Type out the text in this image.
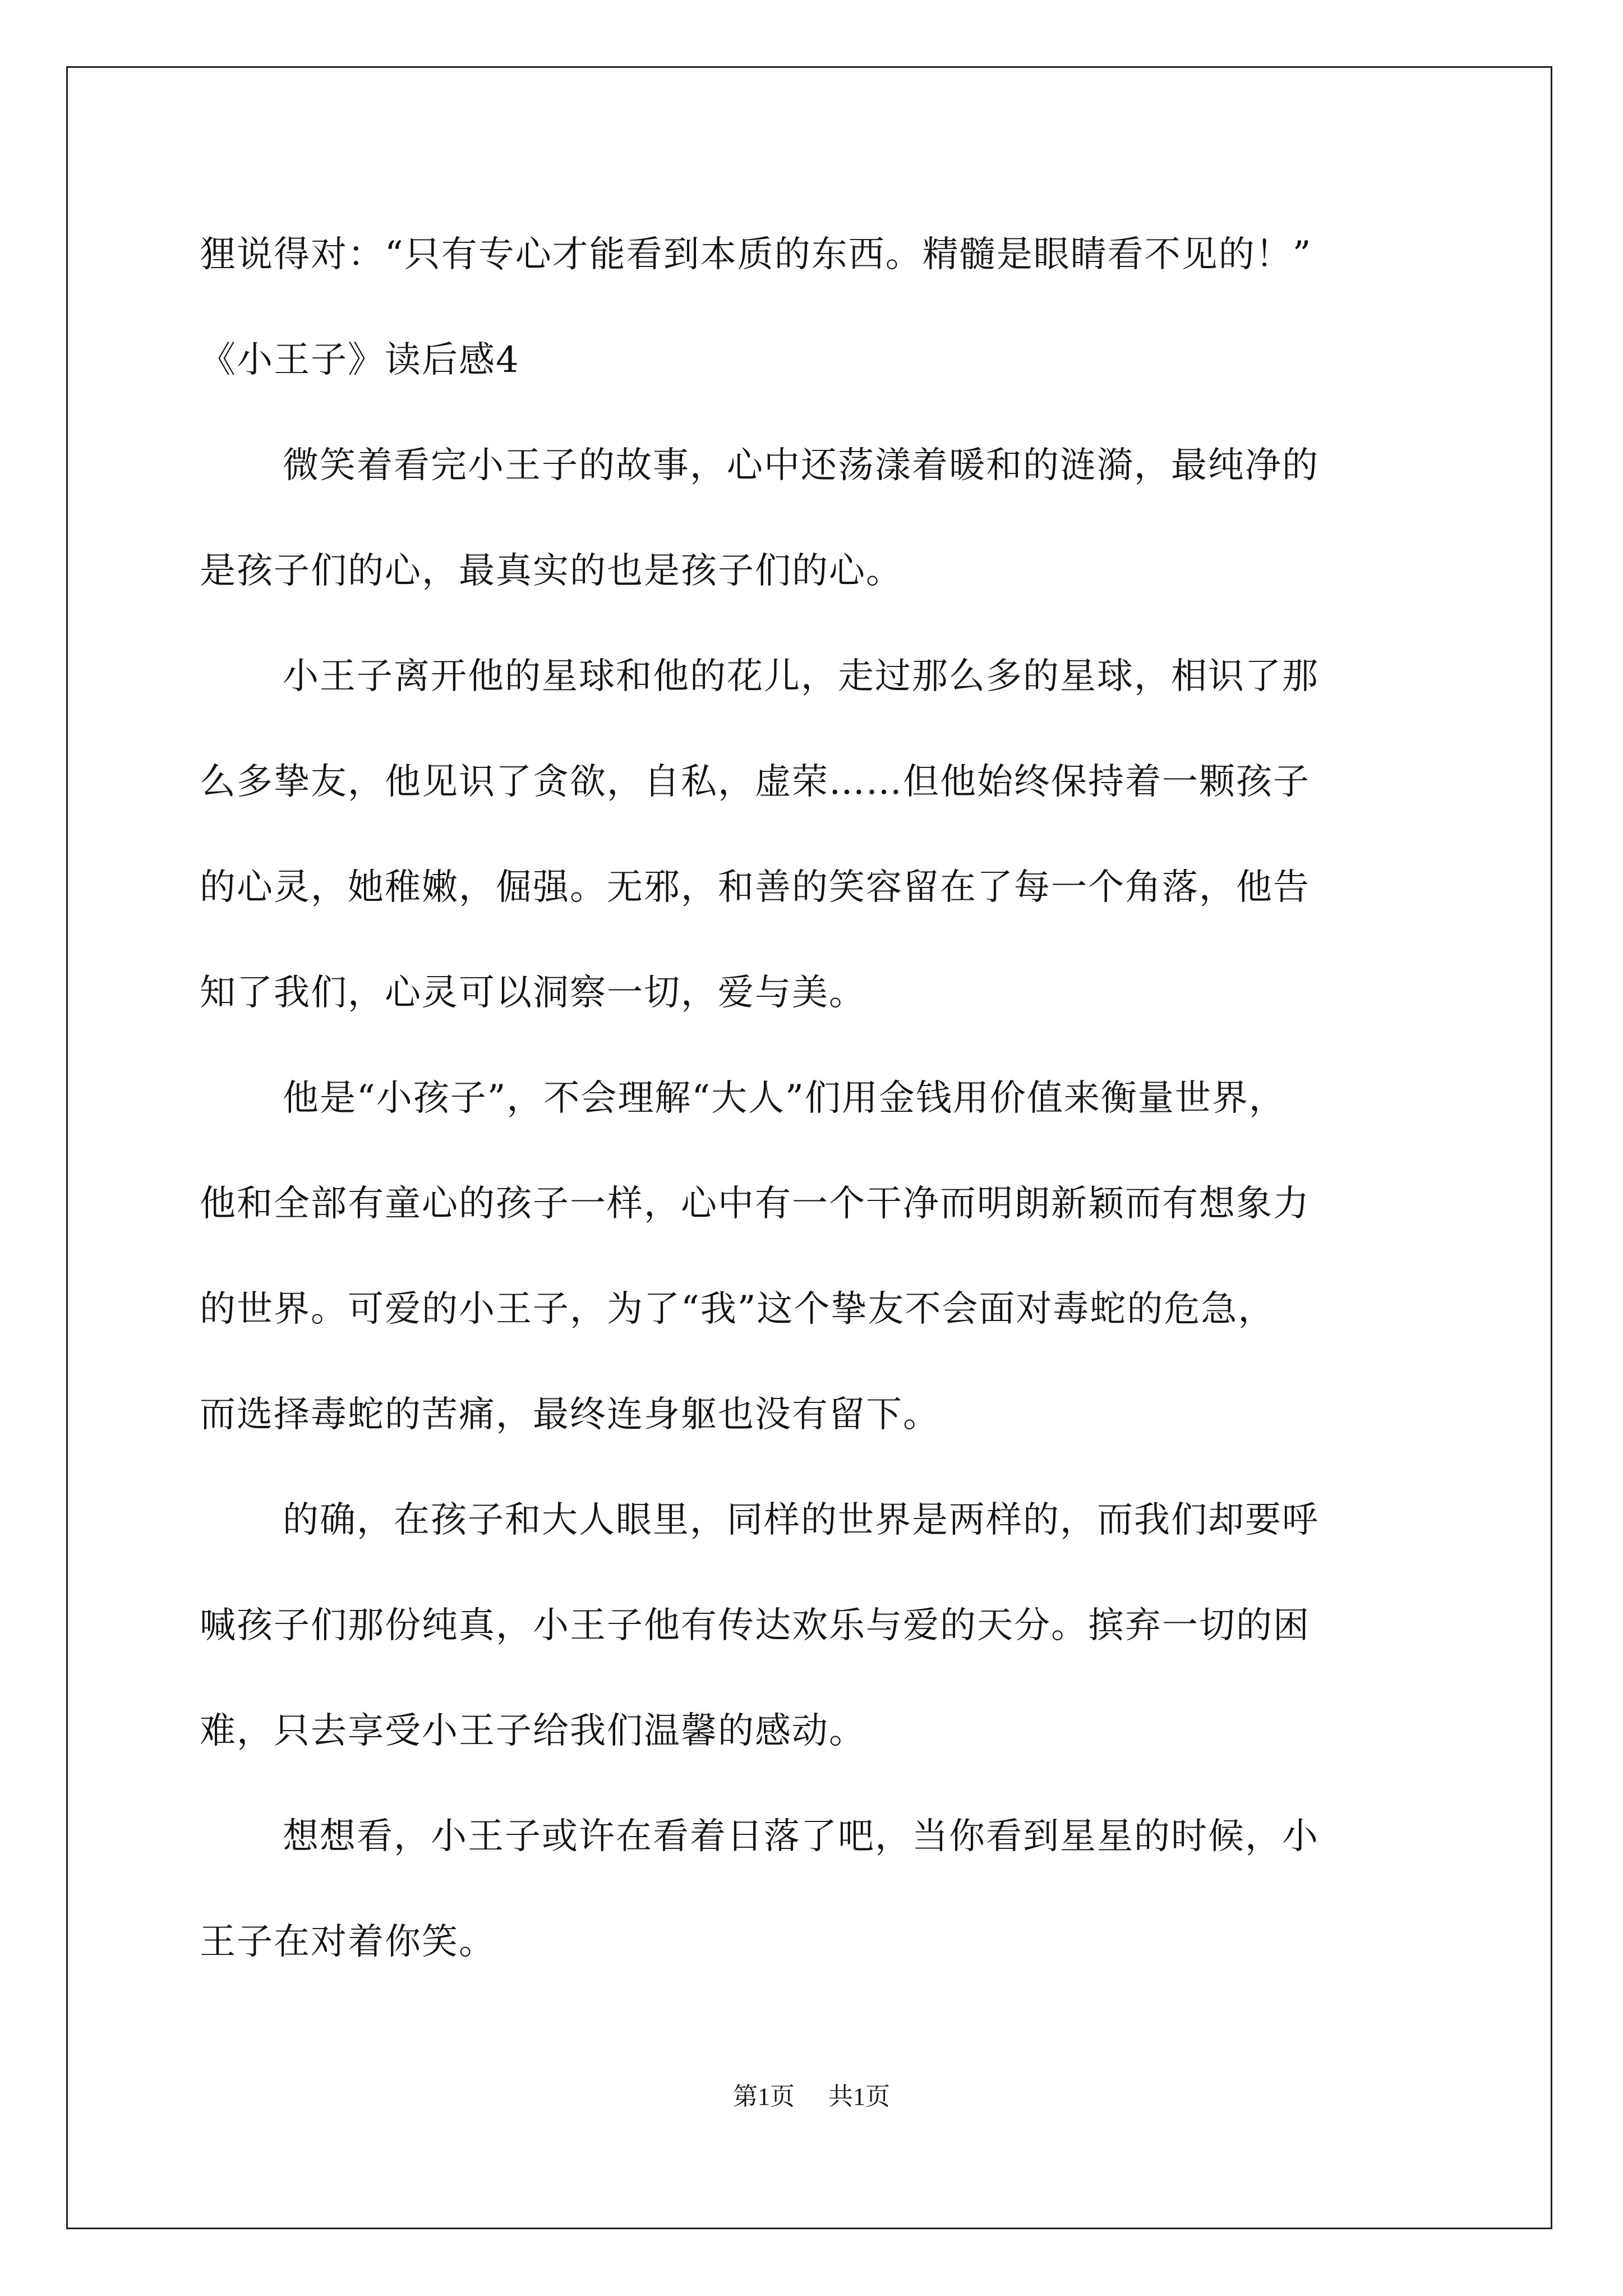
狸说得对：“只有专心才能看到本质的东西。精髓是眼睛看不见的！”
《小王子》读后感4
微笑着看完小王子的故事，心中还荡漾着暖和的涟漪，最纯净的
是孩子们的心，最真实的也是孩子们的心。
小王子离开他的星球和他的花儿，走过那么多的星球，相识了那
么多挚友，他见识了贪欲，自私，虚荣……但他始终保持着一颗孩子
的心灵，她稚嫩，倔强。无邪，和善的笑容留在了每一个角落，他告
知了我们，心灵可以洞察一切，爱与美。
他是“小孩子”，不会理解“大人”们用金钱用价值来衡量世界，
他和全部有童心的孩子一样，心中有一个干净而明朗新颖而有想象力
的世界。可爱的小王子，为了“我”这个挚友不会面对毒蛇的危急，
而选择毒蛇的苦痛，最终连身躯也没有留下。
的确，在孩子和大人眼里，同样的世界是两样的，而我们却要呼
喊孩子们那份纯真，小王子他有传达欢乐与爱的天分。摈弃一切的困
难，只去享受小王子给我们温馨的感动。
想想看，小王子或许在看着日落了吧，当你看到星星的时候，小
王子在对着你笑。
第1页 共1页
